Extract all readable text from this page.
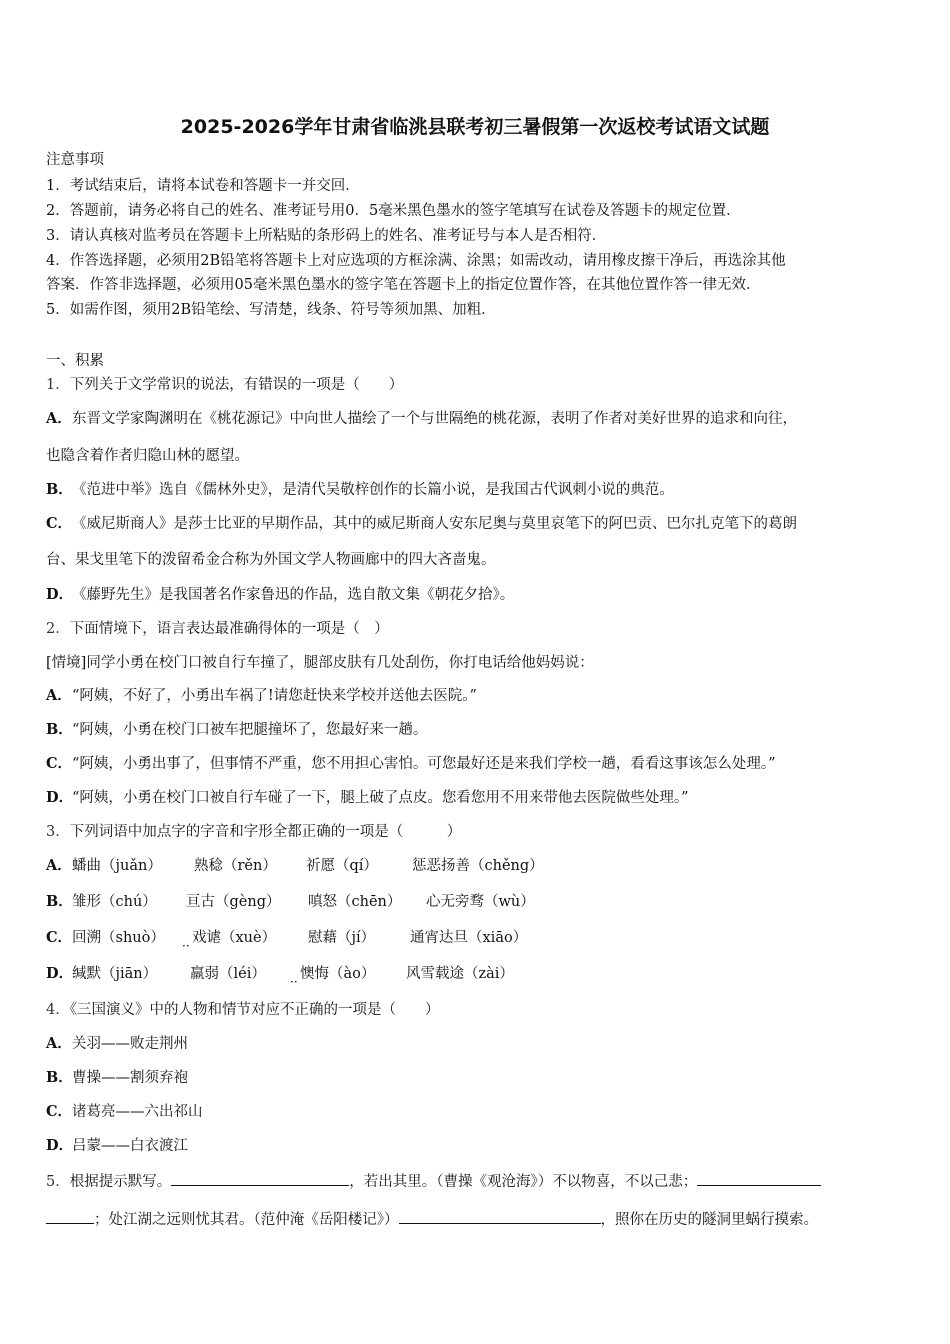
2025-2026学年甘肃省临洮县联考初三暑假第一次返校考试语文试题
注意事项
1．考试结束后，请将本试卷和答题卡一并交回．
2．答题前，请务必将自己的姓名、准考证号用0．5毫米黑色墨水的签字笔填写在试卷及答题卡的规定位置．
3．请认真核对监考员在答题卡上所粘贴的条形码上的姓名、准考证号与本人是否相符．
4．作答选择题，必须用2B铅笔将答题卡上对应选项的方框涂满、涂黑；如需改动，请用橡皮擦干净后，再选涂其他
答案．作答非选择题，必须用05毫米黑色墨水的签字笔在答题卡上的指定位置作答，在其他位置作答一律无效．
5．如需作图，须用2B铅笔绘、写清楚，线条、符号等须加黑、加粗．
一、积累
1．下列关于文学常识的说法，有错误的一项是（　　）
A．东晋文学家陶渊明在《桃花源记》中向世人描绘了一个与世隔绝的桃花源，表明了作者对美好世界的追求和向往，
也隐含着作者归隐山林的愿望。
B．《范进中举》选自《儒林外史》，是清代吴敬梓创作的长篇小说，是我国古代讽刺小说的典范。
C．《威尼斯商人》是莎士比亚的早期作品，其中的威尼斯商人安东尼奥与莫里哀笔下的阿巴贡、巴尔扎克笔下的葛朗
台、果戈里笔下的泼留希金合称为外国文学人物画廊中的四大吝啬鬼。
D．《藤野先生》是我国著名作家鲁迅的作品，选自散文集《朝花夕拾》。
2．下面情境下，语言表达最准确得体的一项是（　）
[情境]同学小勇在校门口被自行车撞了，腿部皮肤有几处刮伤，你打电话给他妈妈说：
A．“阿姨，不好了，小勇出车祸了!请您赶快来学校并送他去医院。”
B．“阿姨，小勇在校门口被车把腿撞坏了，您最好来一趟。
C．“阿姨，小勇出事了，但事情不严重，您不用担心害怕。可您最好还是来我们学校一趟，看看这事该怎么处理。”
D．“阿姨，小勇在校门口被自行车碰了一下，腿上破了点皮。您看您用不用来带他去医院做些处理。”
3．下列词语中加点字的字音和字形全都正确的一项是（　　　）
A．蟠曲（juǎn） 熟稔（rěn） 祈愿（qí） 惩恶扬善（chěng）
B．雏形（chú） 亘古（gèng） 嗔怒（chēn） 心无旁骛（wù）
C．回溯（shuò） 戏谑（xuè） ·· 慰藉（jí） 通宵达旦（xiāo）
D．缄默（jiān） 羸弱（léi） 懊悔（ào） ·· 风雪载途（zài）
4．《三国演义》中的人物和情节对应不正确的一项是（　　）
A．关羽——败走荆州
B．曹操——割须弃袍
C．诸葛亮——六出祁山
D．吕蒙——白衣渡江
5．根据提示默写。	，若出其里。（曹操《观沧海》）不以物喜，不以己悲；
；处江湖之远则忧其君。（范仲淹《岳阳楼记》）	，照你在历史的隧洞里蜗行摸索。
